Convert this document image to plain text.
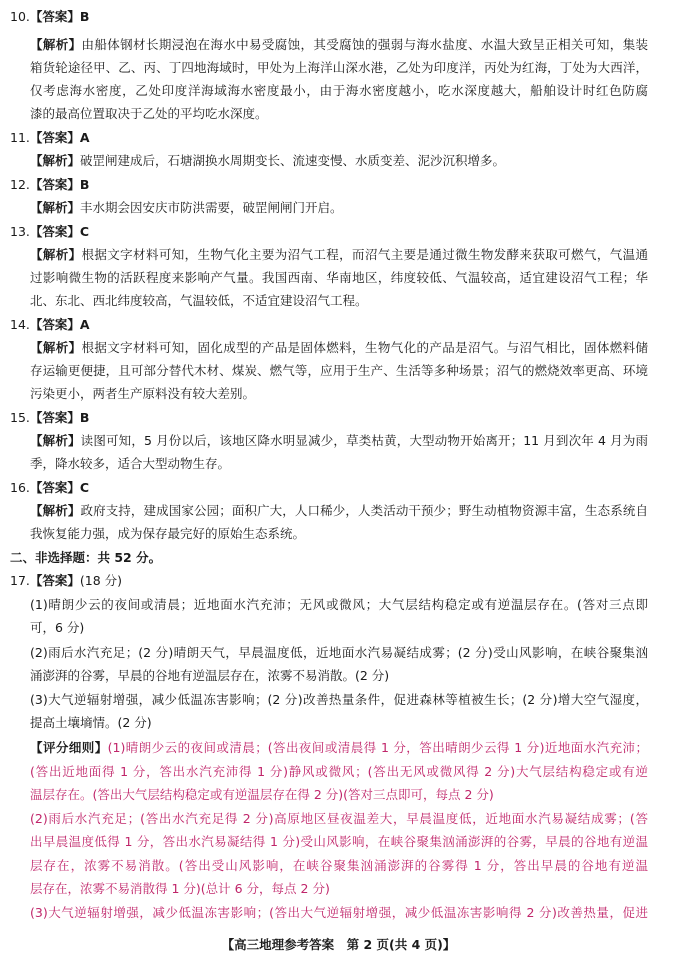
10.【答案】B
【解析】由船体钢材长期浸泡在海水中易受腐蚀，其受腐蚀的强弱与海水盐度、水温大致呈正相关可知，集装
箱货轮途径甲、乙、丙、丁四地海域时，甲处为上海洋山深水港，乙处为印度洋，丙处为红海，丁处为大西洋，
仅考虑海水密度，乙处印度洋海域海水密度最小，由于海水密度越小，吃水深度越大，船舶设计时红色防腐
漆的最高位置取决于乙处的平均吃水深度。
11.【答案】A
【解析】破罡闸建成后，石塘湖换水周期变长、流速变慢、水质变差、泥沙沉积增多。
12.【答案】B
【解析】丰水期会因安庆市防洪需要，破罡闸闸门开启。
13.【答案】C
【解析】根据文字材料可知，生物气化主要为沼气工程，而沼气主要是通过微生物发酵来获取可燃气，气温通
过影响微生物的活跃程度来影响产气量。我国西南、华南地区，纬度较低、气温较高，适宜建设沼气工程；华
北、东北、西北纬度较高，气温较低，不适宜建设沼气工程。
14.【答案】A
【解析】根据文字材料可知，固化成型的产品是固体燃料，生物气化的产品是沼气。与沼气相比，固体燃料储
存运输更便捷，且可部分替代木材、煤炭、燃气等，应用于生产、生活等多种场景；沼气的燃烧效率更高、环境
污染更小，两者生产原料没有较大差别。
15.【答案】B
【解析】读图可知，5 月份以后，该地区降水明显减少，草类枯黄，大型动物开始离开；11 月到次年 4 月为雨
季，降水较多，适合大型动物生存。
16.【答案】C
【解析】政府支持，建成国家公园；面积广大，人口稀少，人类活动干预少；野生动植物资源丰富，生态系统自
我恢复能力强，成为保存最完好的原始生态系统。
二、非选择题：共 52 分。
17.【答案】(18 分)
(1)晴朗少云的夜间或清晨；近地面水汽充沛；无风或微风；大气层结构稳定或有逆温层存在。(答对三点即
可，6 分)
(2)雨后水汽充足；(2 分)晴朗天气，早晨温度低，近地面水汽易凝结成雾；(2 分)受山风影响，在峡谷聚集汹
涌澎湃的谷雾，早晨的谷地有逆温层存在，浓雾不易消散。(2 分)
(3)大气逆辐射增强，减少低温冻害影响；(2 分)改善热量条件，促进森林等植被生长；(2 分)增大空气湿度，
提高土壤墒情。(2 分)
【评分细则】(1)晴朗少云的夜间或清晨；(答出夜间或清晨得 1 分，答出晴朗少云得 1 分)近地面水汽充沛；
(答出近地面得 1 分，答出水汽充沛得 1 分)静风或微风；(答出无风或微风得 2 分)大气层结构稳定或有逆
温层存在。(答出大气层结构稳定或有逆温层存在得 2 分)(答对三点即可，每点 2 分)
(2)雨后水汽充足；(答出水汽充足得 2 分)高原地区昼夜温差大，早晨温度低，近地面水汽易凝结成雾；(答
出早晨温度低得 1 分，答出水汽易凝结得 1 分)受山风影响，在峡谷聚集汹涌澎湃的谷雾，早晨的谷地有逆温
层存在，浓雾不易消散。(答出受山风影响，在峡谷聚集汹涌澎湃的谷雾得 1 分，答出早晨的谷地有逆温
层存在，浓雾不易消散得 1 分)(总计 6 分，每点 2 分)
(3)大气逆辐射增强，减少低温冻害影响；(答出大气逆辐射增强，减少低温冻害影响得 2 分)改善热量，促进
【高三地理参考答案　第 2 页(共 4 页)】
